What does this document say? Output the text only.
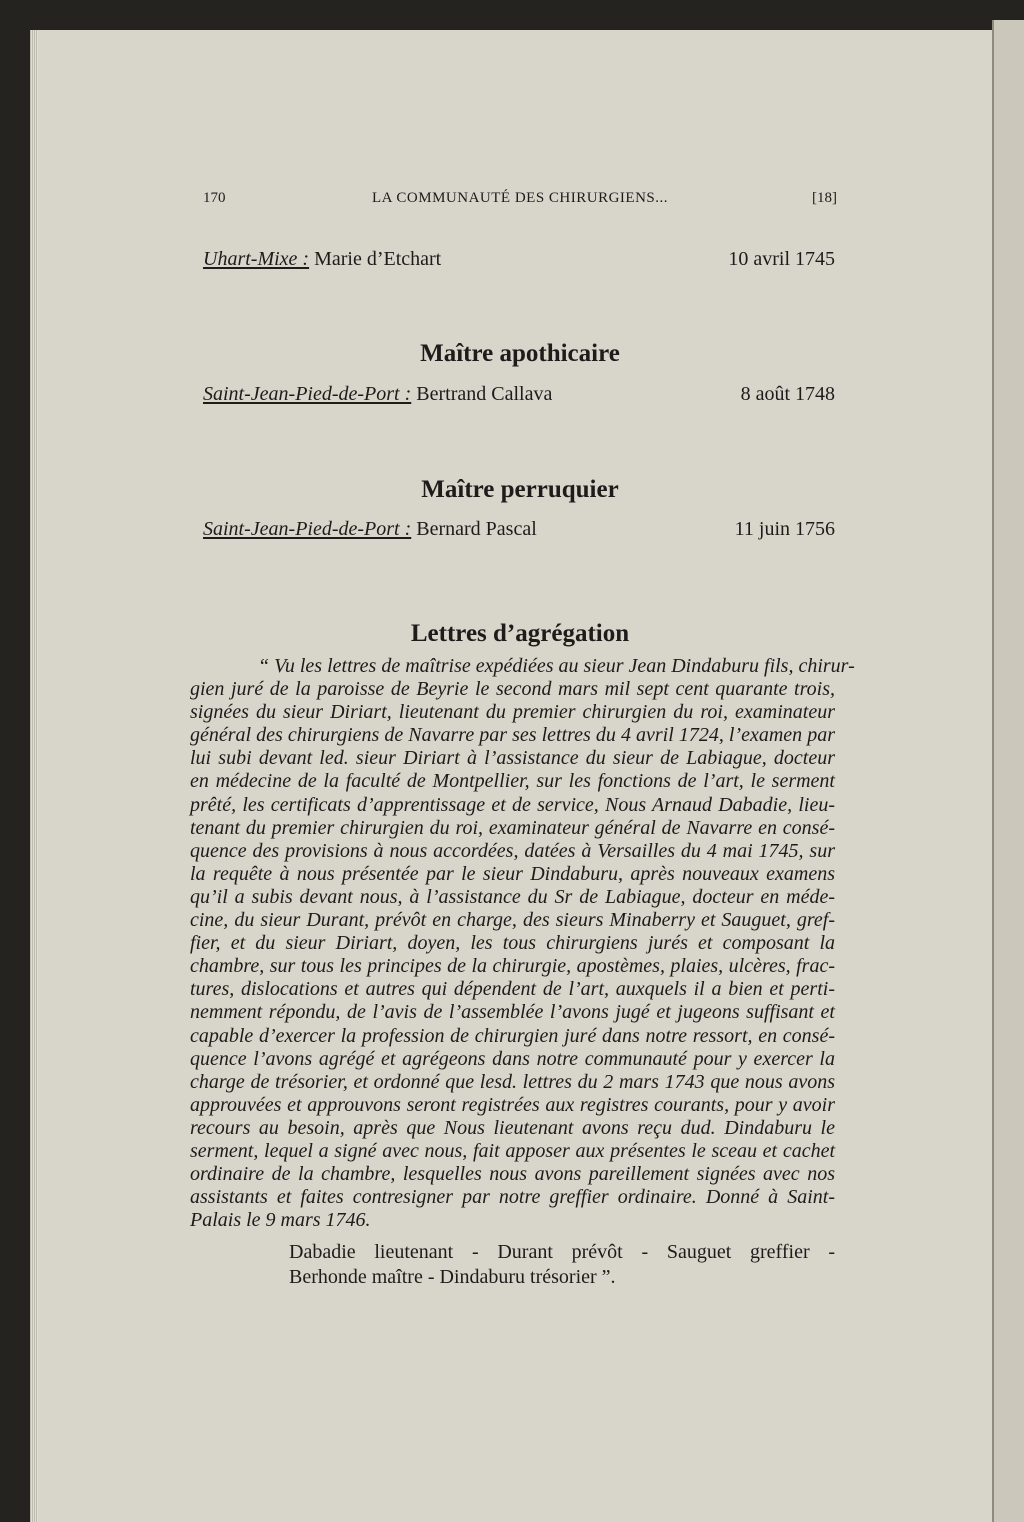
170	LA COMMUNAUTÉ DES CHIRURGIENS...	[18]
Uhart-Mixe : Marie d’Etchart	10 avril 1745
Maître apothicaire
Saint-Jean-Pied-de-Port : Bertrand Callava	8 août 1748
Maître perruquier
Saint-Jean-Pied-de-Port : Bernard Pascal	11 juin 1756
Lettres d’agrégation
“ Vu les lettres de maîtrise expédiées au sieur Jean Dindaburu fils, chirur-
gien juré de la paroisse de Beyrie le second mars mil sept cent quarante trois,
signées du sieur Diriart, lieutenant du premier chirurgien du roi, examinateur
général des chirurgiens de Navarre par ses lettres du 4 avril 1724, l’examen par
lui subi devant led. sieur Diriart à l’assistance du sieur de Labiague, docteur
en médecine de la faculté de Montpellier, sur les fonctions de l’art, le serment
prêté, les certificats d’apprentissage et de service, Nous Arnaud Dabadie, lieu-
tenant du premier chirurgien du roi, examinateur général de Navarre en consé-
quence des provisions à nous accordées, datées à Versailles du 4 mai 1745, sur
la requête à nous présentée par le sieur Dindaburu, après nouveaux examens
qu’il a subis devant nous, à l’assistance du Sr de Labiague, docteur en méde-
cine, du sieur Durant, prévôt en charge, des sieurs Minaberry et Sauguet, gref-
fier, et du sieur Diriart, doyen, les tous chirurgiens jurés et composant la
chambre, sur tous les principes de la chirurgie, apostèmes, plaies, ulcères, frac-
tures, dislocations et autres qui dépendent de l’art, auxquels il a bien et perti-
nemment répondu, de l’avis de l’assemblée l’avons jugé et jugeons suffisant et
capable d’exercer la profession de chirurgien juré dans notre ressort, en consé-
quence l’avons agrégé et agrégeons dans notre communauté pour y exercer la
charge de trésorier, et ordonné que lesd. lettres du 2 mars 1743 que nous avons
approuvées et approuvons seront registrées aux registres courants, pour y avoir
recours au besoin, après que Nous lieutenant avons reçu dud. Dindaburu le
serment, lequel a signé avec nous, fait apposer aux présentes le sceau et cachet
ordinaire de la chambre, lesquelles nous avons pareillement signées avec nos
assistants et faites contresigner par notre greffier ordinaire. Donné à Saint-
Palais le 9 mars 1746.
Dabadie lieutenant - Durant prévôt - Sauguet greffier -
Berhonde maître - Dindaburu trésorier ”.
